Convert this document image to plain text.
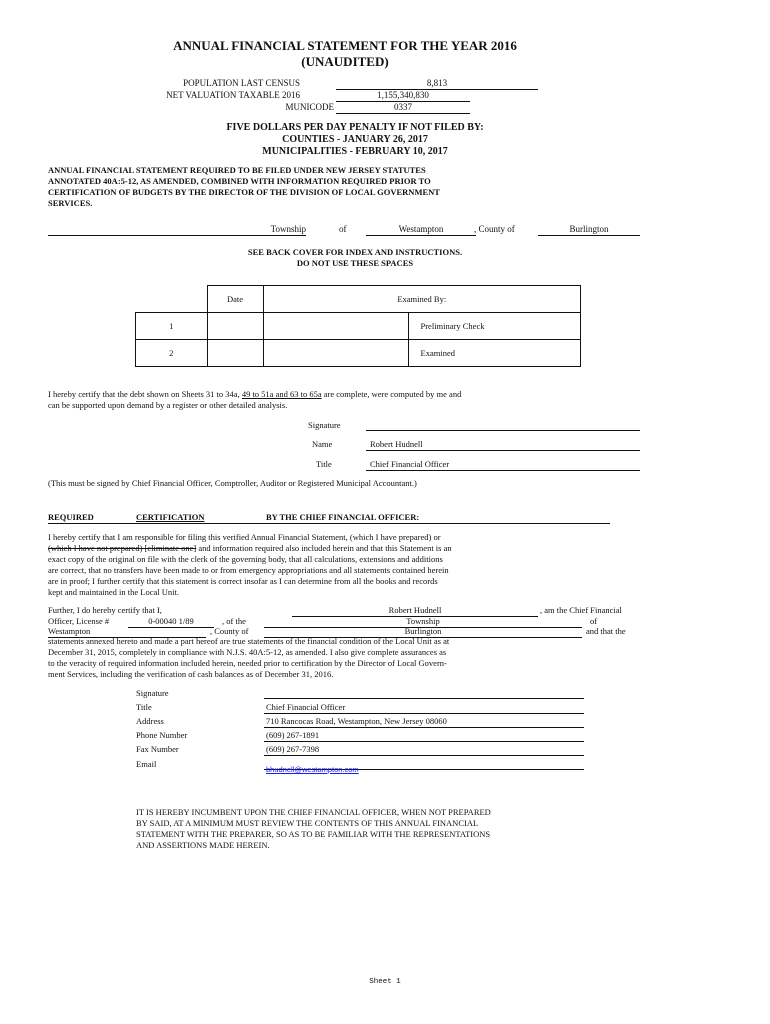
ANNUAL FINANCIAL STATEMENT FOR THE YEAR 2016
(UNAUDITED)
POPULATION LAST CENSUS	8,813
NET VALUATION TAXABLE 2016	1,155,340,830
MUNICODE	0337
FIVE DOLLARS PER DAY PENALTY IF NOT FILED BY:
COUNTIES - JANUARY 26, 2017
MUNICIPALITIES - FEBRUARY 10, 2017
ANNUAL FINANCIAL STATEMENT REQUIRED TO BE FILED UNDER NEW JERSEY STATUTES
ANNOTATED 40A:5-12, AS AMENDED, COMBINED WITH INFORMATION REQUIRED PRIOR TO
CERTIFICATION OF BUDGETS BY THE DIRECTOR OF THE DIVISION OF LOCAL GOVERNMENT
SERVICES.
Township	of	Westampton	, County of	Burlington
SEE BACK COVER FOR INDEX AND INSTRUCTIONS.
DO NOT USE THESE SPACES
	Date	Examined By:	
1			Preliminary Check
2			Examined
I hereby certify that the debt shown on Sheets 31 to 34a, 49 to 51a and 63 to 65a are complete, were computed by me and
can be supported upon demand by a register or other detailed analysis.
Signature
Name	Robert Hudnell
Title	Chief Financial Officer
(This must be signed by Chief Financial Officer, Comptroller, Auditor or Registered Municipal Accountant.)
REQUIRED	CERTIFICATION	BY THE CHIEF FINANCIAL OFFICER:
I hereby certify that I am responsible for filing this verified Annual Financial Statement, (which I have prepared) or
(which I have not prepared) [eliminate one] and information required also included herein and that this Statement is an
exact copy of the original on file with the clerk of the governing body, that all calculations, extensions and additions
are correct, that no transfers have been made to or from emergency appropriations and all statements contained herein
are in proof; I further certify that this statement is correct insofar as I can determine from all the books and records
kept and maintained in the Local Unit.
Further, I do hereby certify that I,	Robert Hudnell	, am the Chief Financial
Officer, License #	0-00040 1/89	, of the	Township	of
Westampton	, County of	Burlington	and that the
statements annexed hereto and made a part hereof are true statements of the financial condition of the Local Unit as at
December 31, 2015, completely in compliance with N.J.S. 40A:5-12, as amended. I also give complete assurances as
to the veracity of required information included herein, needed prior to certification by the Director of Local Govern-
ment Services, including the verification of cash balances as of December 31, 2016.
Signature
Title	Chief Financial Officer
Address	710 Rancocas Road, Westampton, New Jersey 08060
Phone Number	(609) 267-1891
Fax Number	(609) 267-7398
Email
bhudnell@westampton.com
IT IS HEREBY INCUMBENT UPON THE CHIEF FINANCIAL OFFICER, WHEN NOT PREPARED
BY SAID, AT A MINIMUM MUST REVIEW THE CONTENTS OF THIS ANNUAL FINANCIAL
STATEMENT WITH THE PREPARER, SO AS TO BE FAMILIAR WITH THE REPRESENTATIONS
AND ASSERTIONS MADE HEREIN.
Sheet 1
